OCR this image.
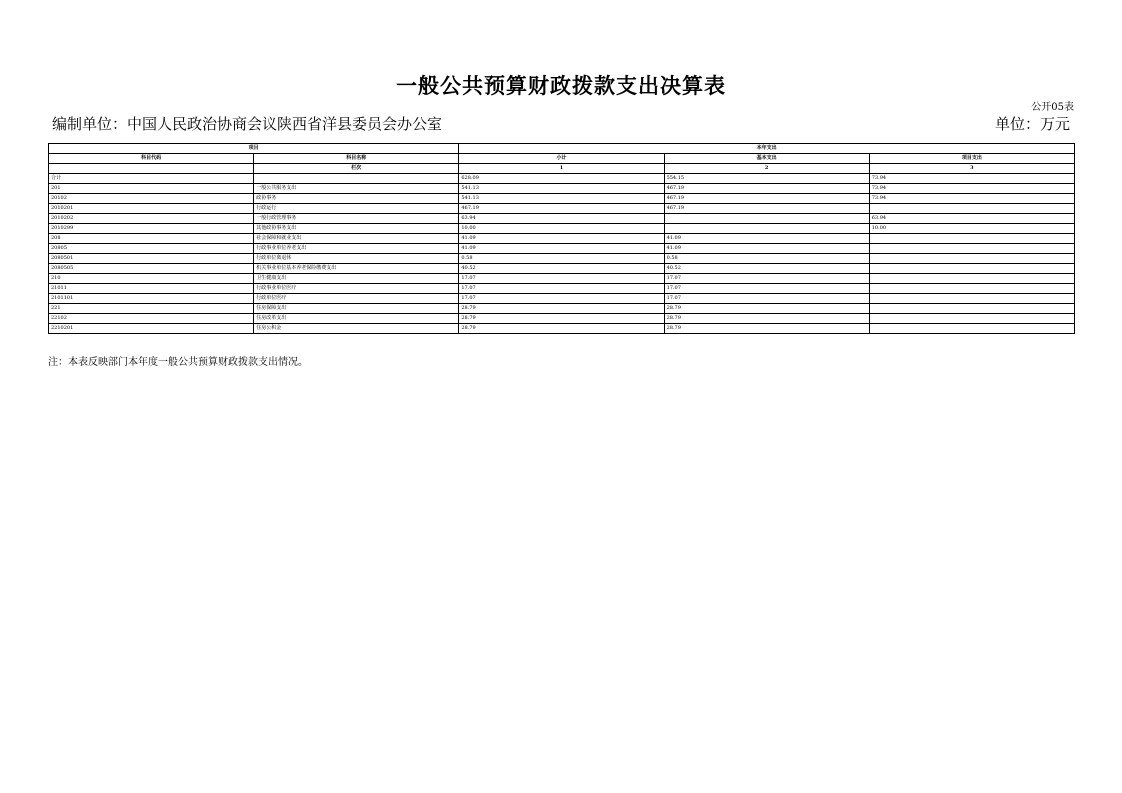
一般公共预算财政拨款支出决算表
公开05表
编制单位：中国人民政治协商会议陕西省洋县委员会办公室	单位：万元
项目		本年支出		
科目代码	科目名称	小计	基本支出	项目支出
	栏次	1	2	3
合计		628.09	554.15	73.94
201	一般公共服务支出	541.13	467.19	73.94
20102	政协事务	541.13	467.19	73.94
2010201	行政运行	467.19	467.19	
2010202	一般行政管理事务	63.94		63.94
2010299	其他政协事务支出	10.00		10.00
208	社会保障和就业支出	41.09	41.09	
20805	行政事业单位养老支出	41.09	41.09	
2080501	行政单位离退休	0.58	0.58	
2080505	机关事业单位基本养老保险缴费支出	40.52	40.52	
210	卫生健康支出	17.07	17.07	
21011	行政事业单位医疗	17.07	17.07	
2101101	行政单位医疗	17.07	17.07	
221	住房保障支出	28.79	28.79	
22102	住房改革支出	28.79	28.79	
2210201	住房公积金	28.79	28.79	
注：本表反映部门本年度一般公共预算财政拨款支出情况。
